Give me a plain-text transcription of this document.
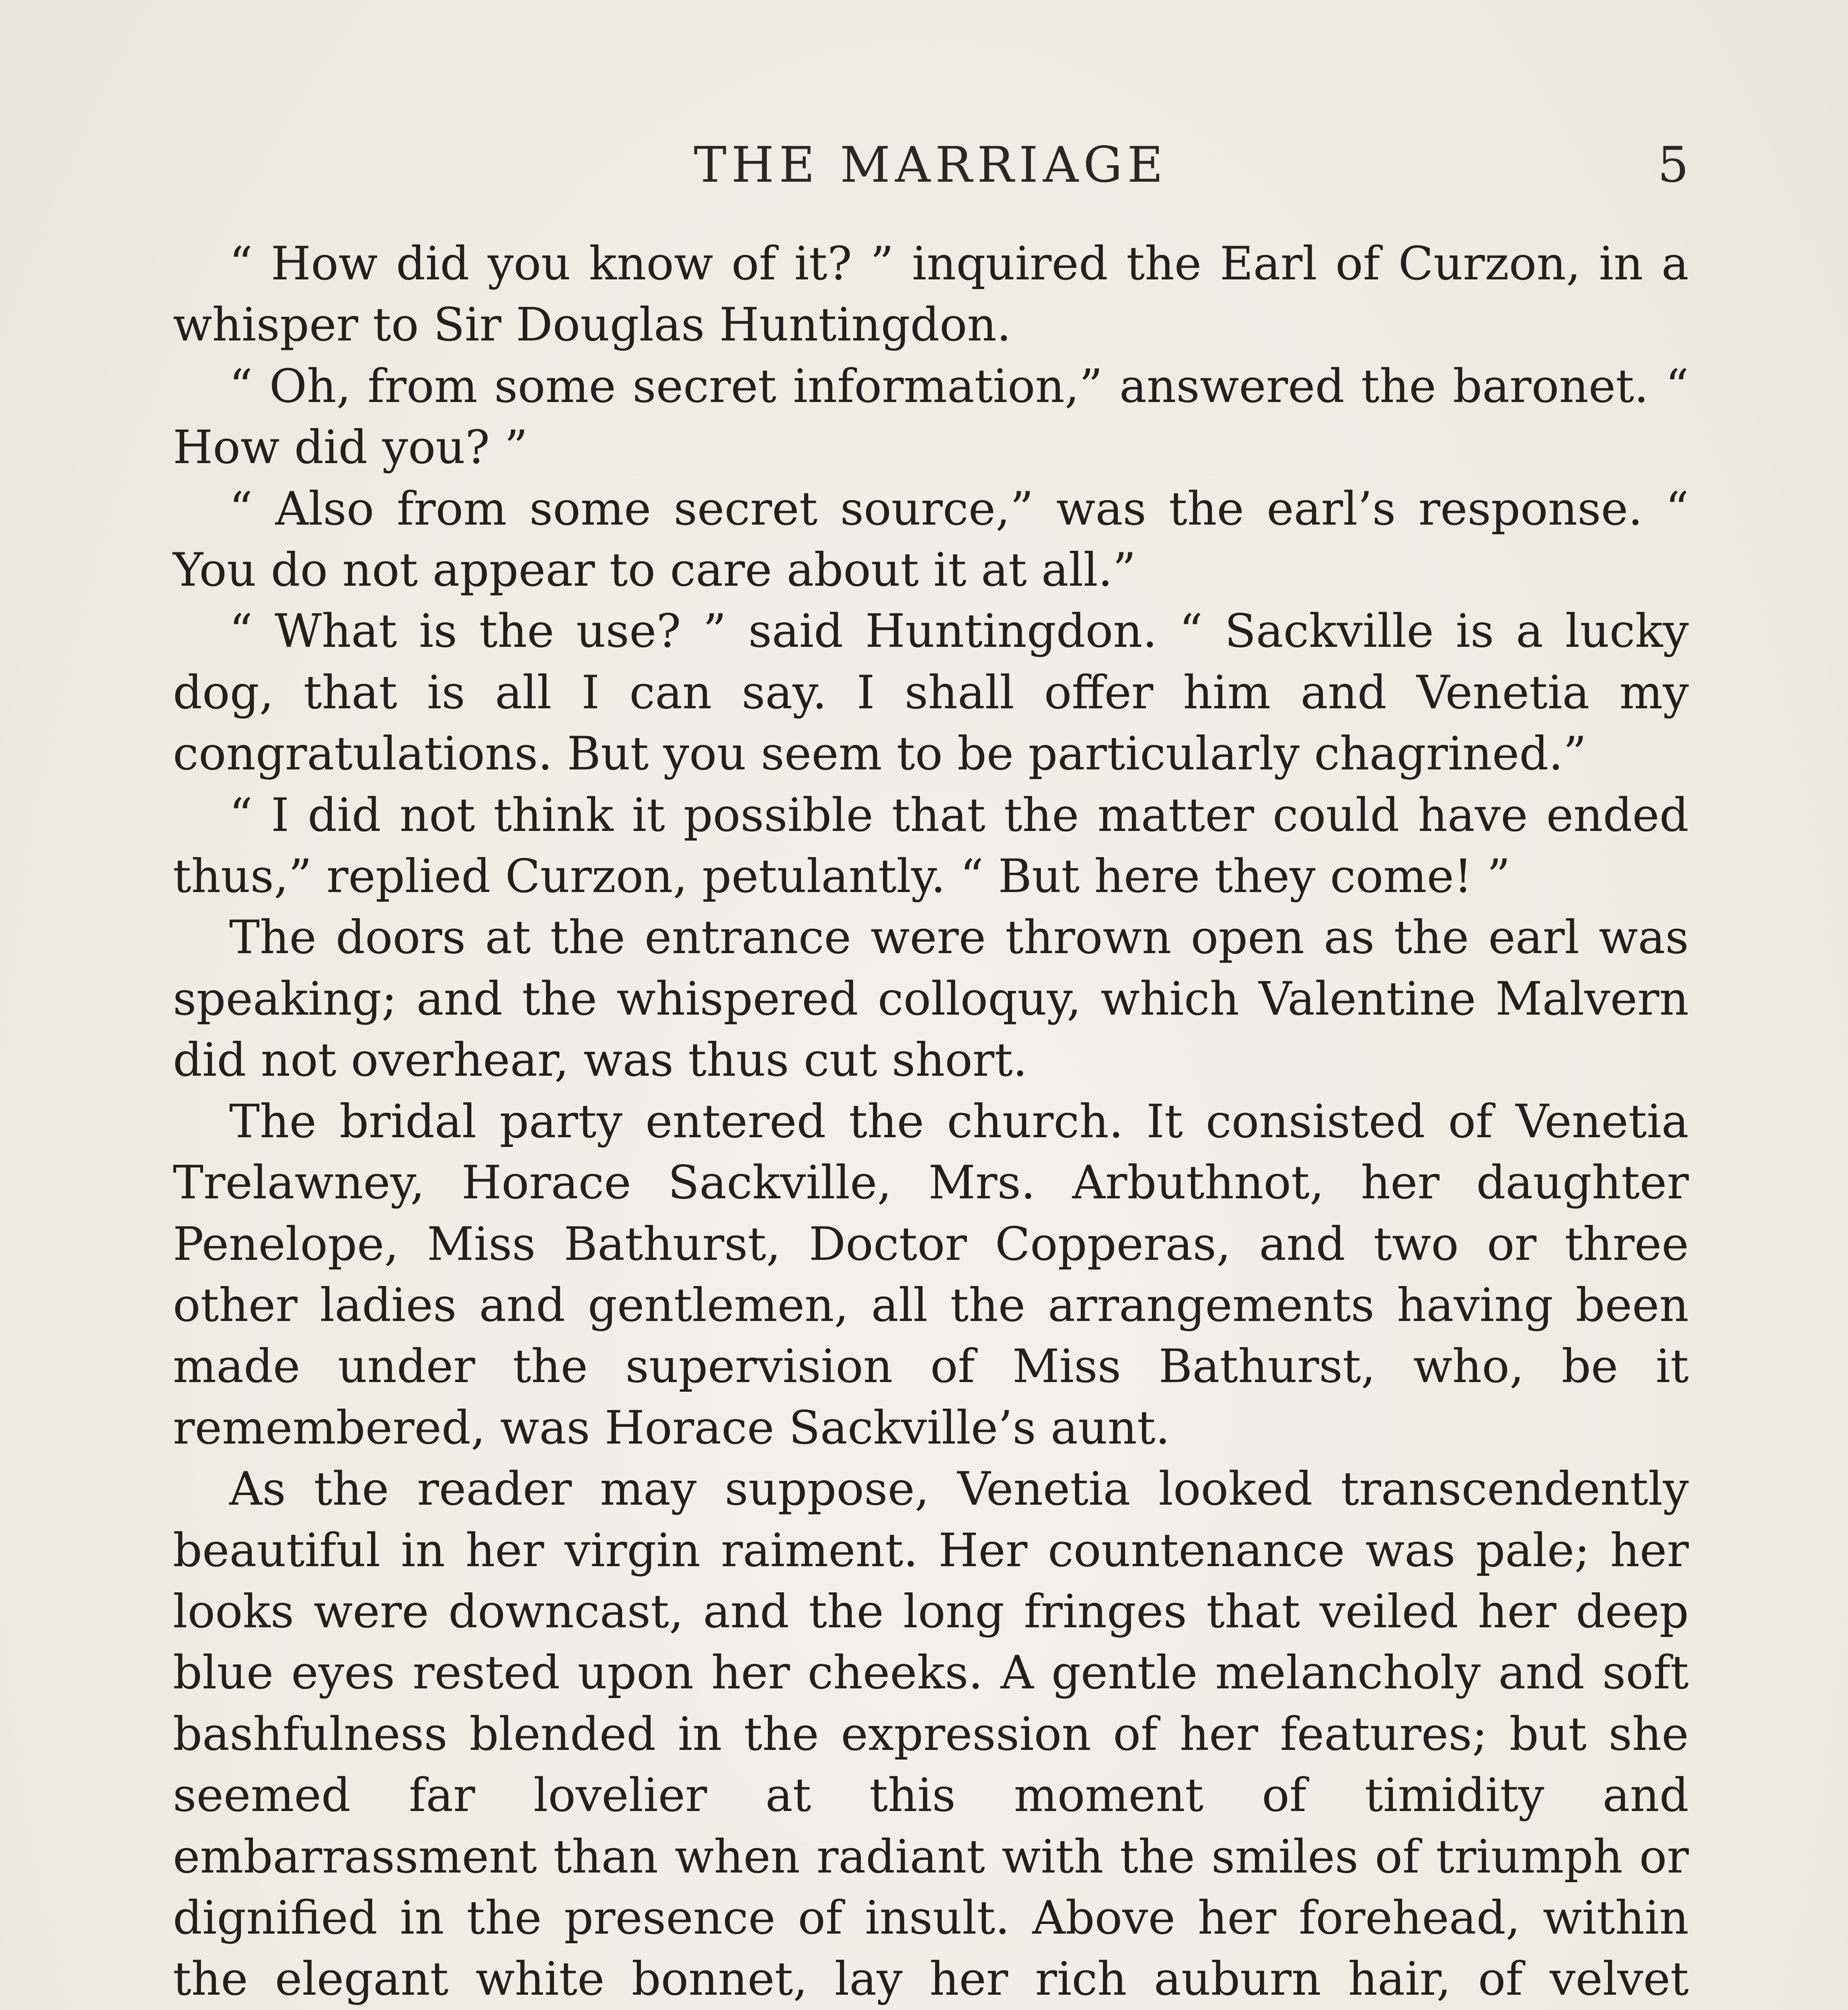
THE MARRIAGE	5

“ How did you know of it? ” inquired the Earl of Curzon, in a whisper to Sir Douglas Huntingdon.

“ Oh, from some secret information,” answered the baronet. “ How did you? ”

“ Also from some secret source,” was the earl’s response. “ You do not appear to care about it at all.”

“ What is the use? ” said Huntingdon. “ Sackville is a lucky dog, that is all I can say. I shall offer him and Venetia my congratulations. But you seem to be particularly chagrined.”

“ I did not think it possible that the matter could have ended thus,” replied Curzon, petulantly. “ But here they come! ”

The doors at the entrance were thrown open as the earl was speaking; and the whispered colloquy, which Valentine Malvern did not overhear, was thus cut short.

The bridal party entered the church. It consisted of Venetia Trelawney, Horace Sackville, Mrs. Arbuthnot, her daughter Penelope, Miss Bathurst, Doctor Copperas, and two or three other ladies and gentlemen, all the arrangements having been made under the supervision of Miss Bathurst, who, be it remembered, was Horace Sackville’s aunt.

As the reader may suppose, Venetia looked transcendently beautiful in her virgin raiment. Her countenance was pale; her looks were downcast, and the long fringes that veiled her deep blue eyes rested upon her cheeks. A gentle melancholy and soft bashfulness blended in the expression of her features; but she seemed far lovelier at this moment of timidity and embarrassment than when radiant with the smiles of triumph or dignified in the presence of insult. Above her forehead, within the elegant white bonnet, lay her rich auburn hair, of velvet
